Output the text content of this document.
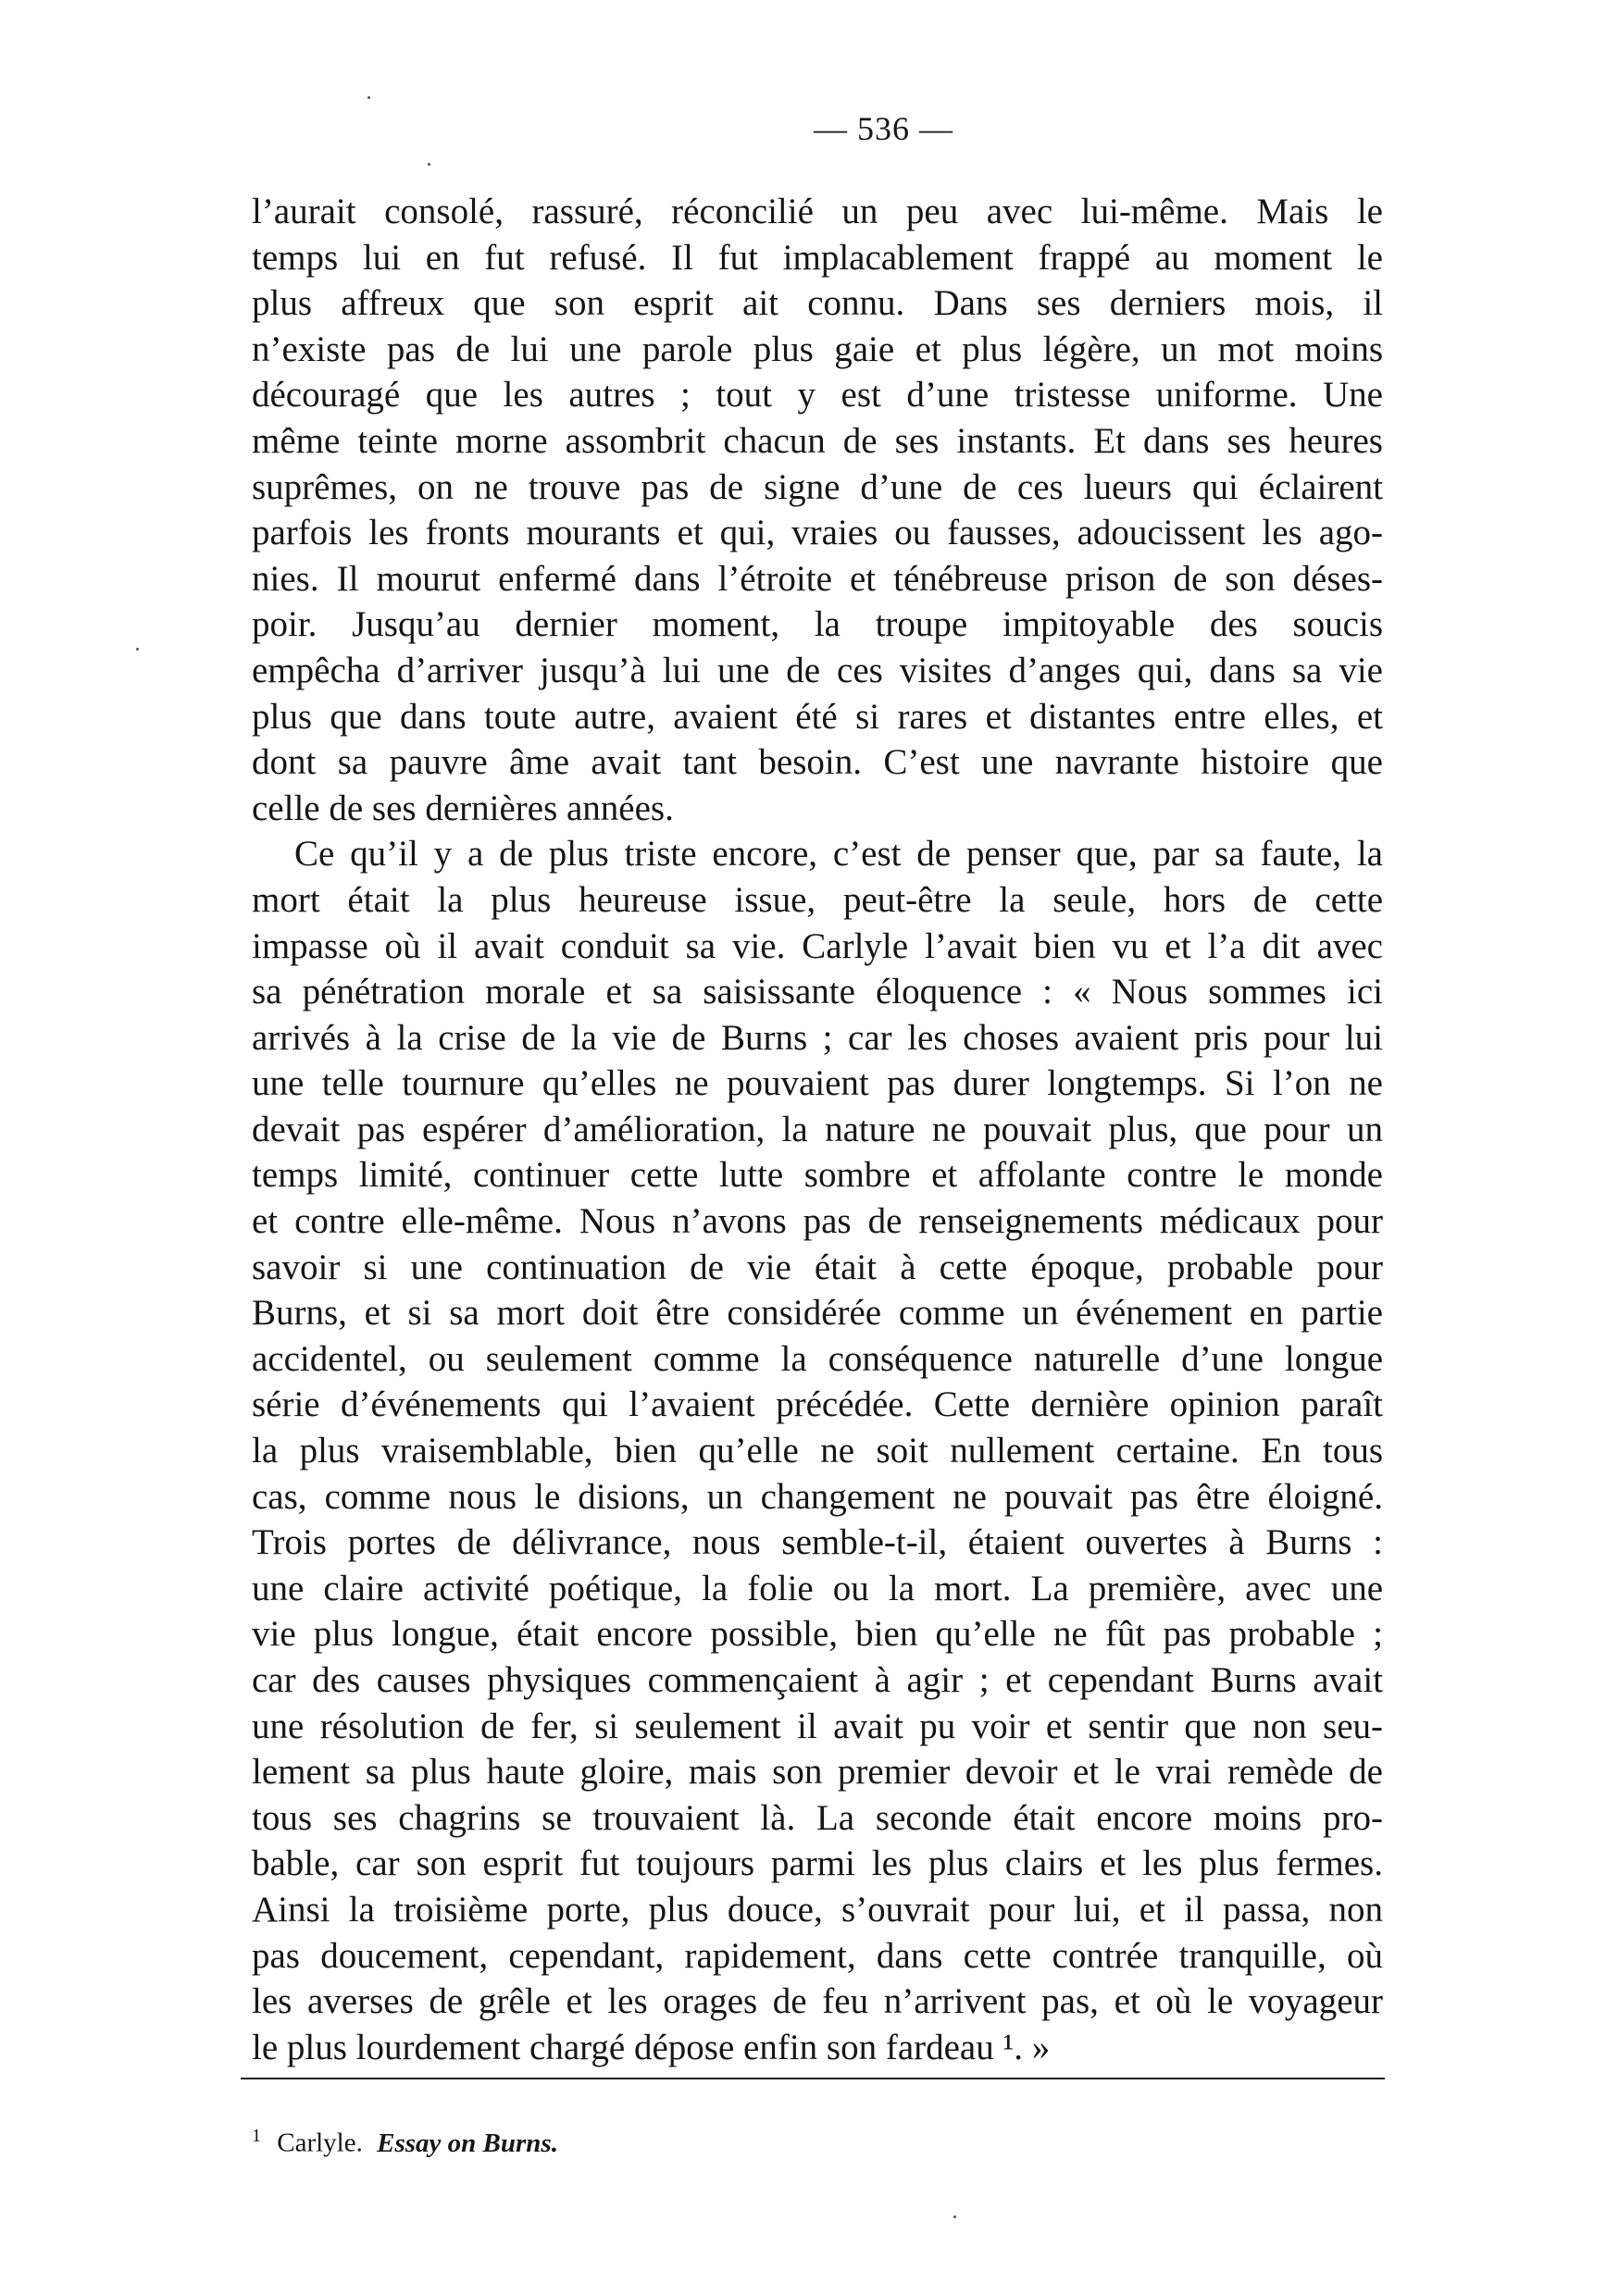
— 536 —
l’aurait consolé, rassuré, réconcilié un peu avec lui-même. Mais le
temps lui en fut refusé. Il fut implacablement frappé au moment le
plus affreux que son esprit ait connu. Dans ses derniers mois, il
n’existe pas de lui une parole plus gaie et plus légère, un mot moins
découragé que les autres ; tout y est d’une tristesse uniforme. Une
même teinte morne assombrit chacun de ses instants. Et dans ses heures
suprêmes, on ne trouve pas de signe d’une de ces lueurs qui éclairent
parfois les fronts mourants et qui, vraies ou fausses, adoucissent les ago-
nies. Il mourut enfermé dans l’étroite et ténébreuse prison de son déses-
poir. Jusqu’au dernier moment, la troupe impitoyable des soucis
empêcha d’arriver jusqu’à lui une de ces visites d’anges qui, dans sa vie
plus que dans toute autre, avaient été si rares et distantes entre elles, et
dont sa pauvre âme avait tant besoin. C’est une navrante histoire que
celle de ses dernières années.
Ce qu’il y a de plus triste encore, c’est de penser que, par sa faute, la
mort était la plus heureuse issue, peut-être la seule, hors de cette
impasse où il avait conduit sa vie. Carlyle l’avait bien vu et l’a dit avec
sa pénétration morale et sa saisissante éloquence : « Nous sommes ici
arrivés à la crise de la vie de Burns ; car les choses avaient pris pour lui
une telle tournure qu’elles ne pouvaient pas durer longtemps. Si l’on ne
devait pas espérer d’amélioration, la nature ne pouvait plus, que pour un
temps limité, continuer cette lutte sombre et affolante contre le monde
et contre elle-même. Nous n’avons pas de renseignements médicaux pour
savoir si une continuation de vie était à cette époque, probable pour
Burns, et si sa mort doit être considérée comme un événement en partie
accidentel, ou seulement comme la conséquence naturelle d’une longue
série d’événements qui l’avaient précédée. Cette dernière opinion paraît
la plus vraisemblable, bien qu’elle ne soit nullement certaine. En tous
cas, comme nous le disions, un changement ne pouvait pas être éloigné.
Trois portes de délivrance, nous semble-t-il, étaient ouvertes à Burns :
une claire activité poétique, la folie ou la mort. La première, avec une
vie plus longue, était encore possible, bien qu’elle ne fût pas probable ;
car des causes physiques commençaient à agir ; et cependant Burns avait
une résolution de fer, si seulement il avait pu voir et sentir que non seu-
lement sa plus haute gloire, mais son premier devoir et le vrai remède de
tous ses chagrins se trouvaient là. La seconde était encore moins pro-
bable, car son esprit fut toujours parmi les plus clairs et les plus fermes.
Ainsi la troisième porte, plus douce, s’ouvrait pour lui, et il passa, non
pas doucement, cependant, rapidement, dans cette contrée tranquille, où
les averses de grêle et les orages de feu n’arrivent pas, et où le voyageur
le plus lourdement chargé dépose enfin son fardeau ¹. »
$^1$ Carlyle. Essay on Burns.
